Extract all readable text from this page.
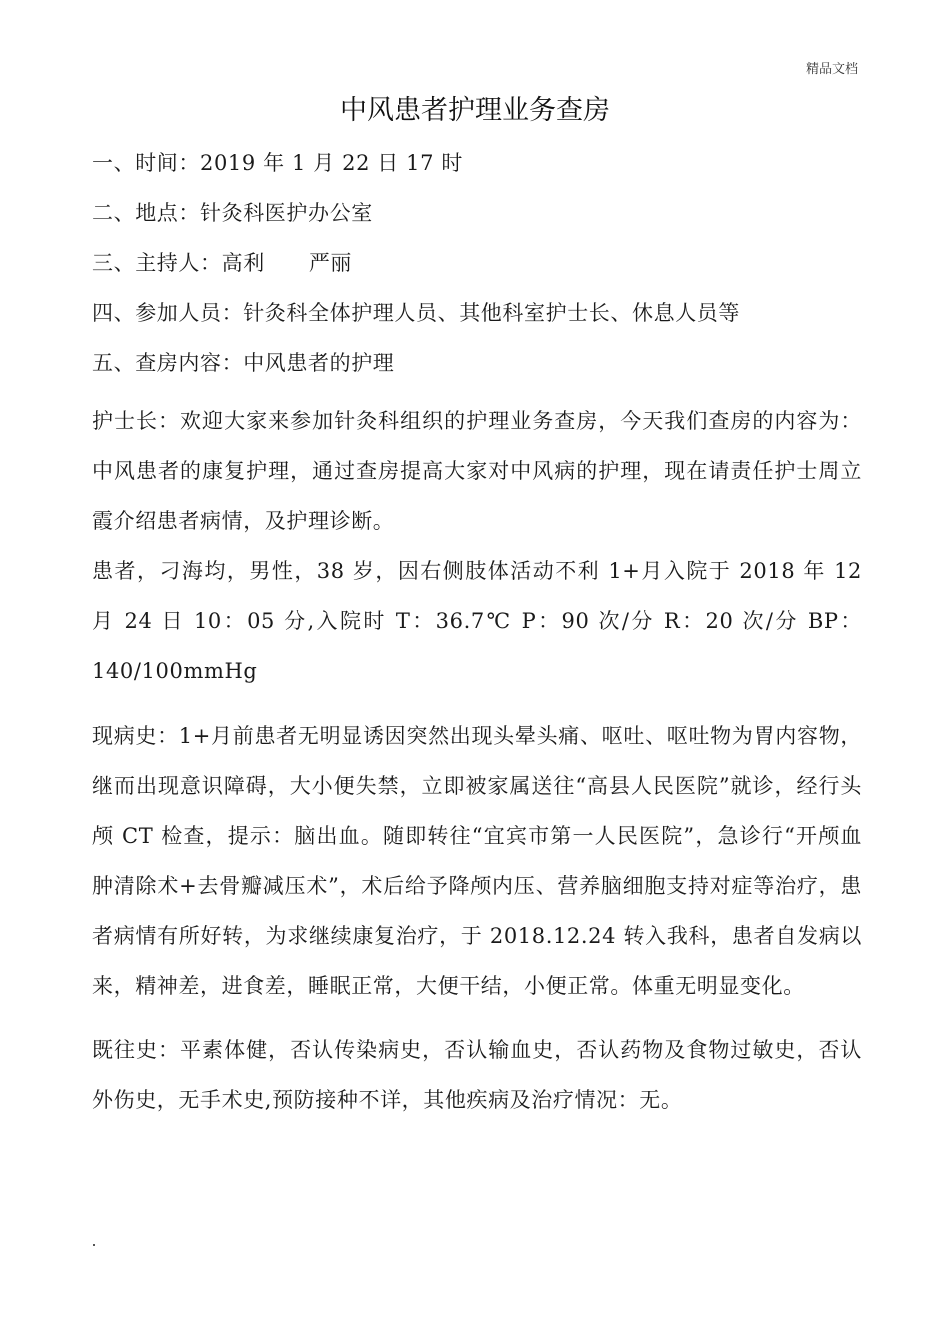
精品文档
中风患者护理业务查房
一、时间：2019 年 1 月 22 日 17 时
二、地点：针灸科医护办公室
三、主持人：高利 严丽
四、参加人员：针灸科全体护理人员、其他科室护士长、休息人员等
五、查房内容：中风患者的护理

护士长：欢迎大家来参加针灸科组织的护理业务查房，今天我们查房的内容为：中风患者的康复护理，通过查房提高大家对中风病的护理，现在请责任护士周立霞介绍患者病情，及护理诊断。

患者，刁海均，男性，38 岁，因右侧肢体活动不利 1+月入院于 2018 年 12 月 24 日 10：05 分,入院时 T：36.7℃ P：90 次/分 R：20 次/分 BP：140/100mmHg

现病史：1+月前患者无明显诱因突然出现头晕头痛、呕吐、呕吐物为胃内容物，继而出现意识障碍，大小便失禁，立即被家属送往“高县人民医院”就诊，经行头颅 CT 检查，提示：脑出血。随即转往“宜宾市第一人民医院”，急诊行“开颅血肿清除术+去骨瓣减压术”，术后给予降颅内压、营养脑细胞支持对症等治疗，患者病情有所好转，为求继续康复治疗，于 2018.12.24 转入我科，患者自发病以来，精神差，进食差，睡眠正常，大便干结，小便正常。体重无明显变化。

既往史：平素体健，否认传染病史，否认输血史，否认药物及食物过敏史，否认外伤史，无手术史,预防接种不详，其他疾病及治疗情况：无。
